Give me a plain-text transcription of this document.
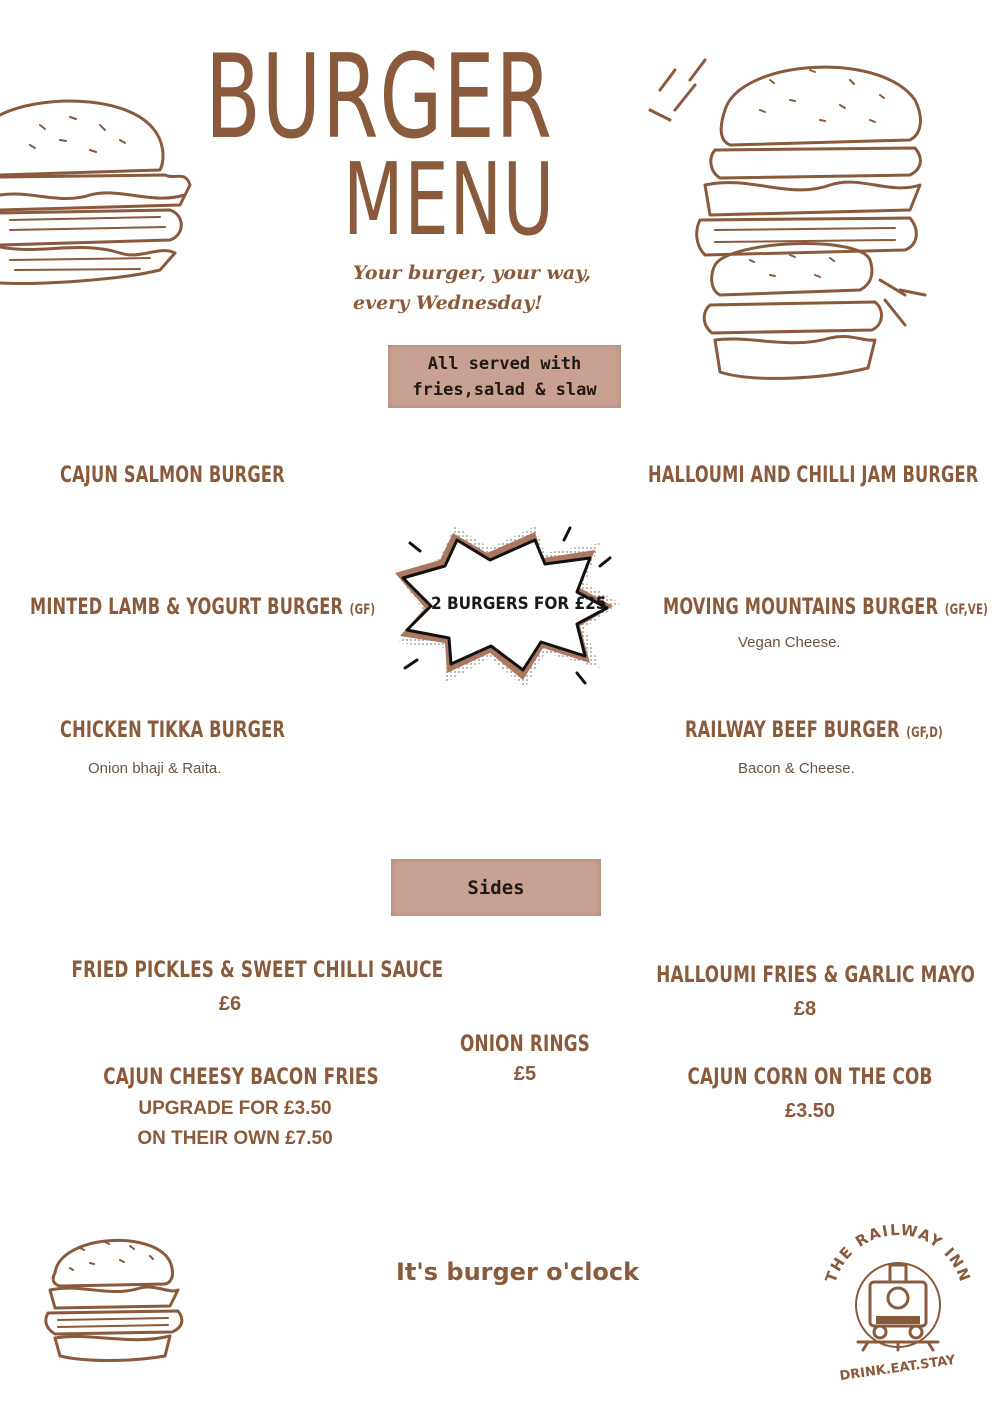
BURGER
MENU
Your burger, your way,
every Wednesday!
All served with
fries,salad & slaw
CAJUN SALMON BURGER	HALLOUMI AND CHILLI JAM BURGER
MINTED LAMB & YOGURT BURGER (GF)	MOVING MOUNTAINS BURGER (GF,VE)
Vegan Cheese.
CHICKEN TIKKA BURGER
Onion bhaji & Raita.
RAILWAY BEEF BURGER (GF,D)
Bacon & Cheese.
2 BURGERS FOR £25
Sides
FRIED PICKLES & SWEET CHILLI SAUCE
£6
HALLOUMI FRIES & GARLIC MAYO
£8
ONION RINGS
£5
CAJUN CHEESY BACON FRIES
UPGRADE FOR £3.50
ON THEIR OWN £7.50
CAJUN CORN ON THE COB
£3.50
It's burger o'clock	THE RAILWAY INN
DRINK.EAT.STAY
